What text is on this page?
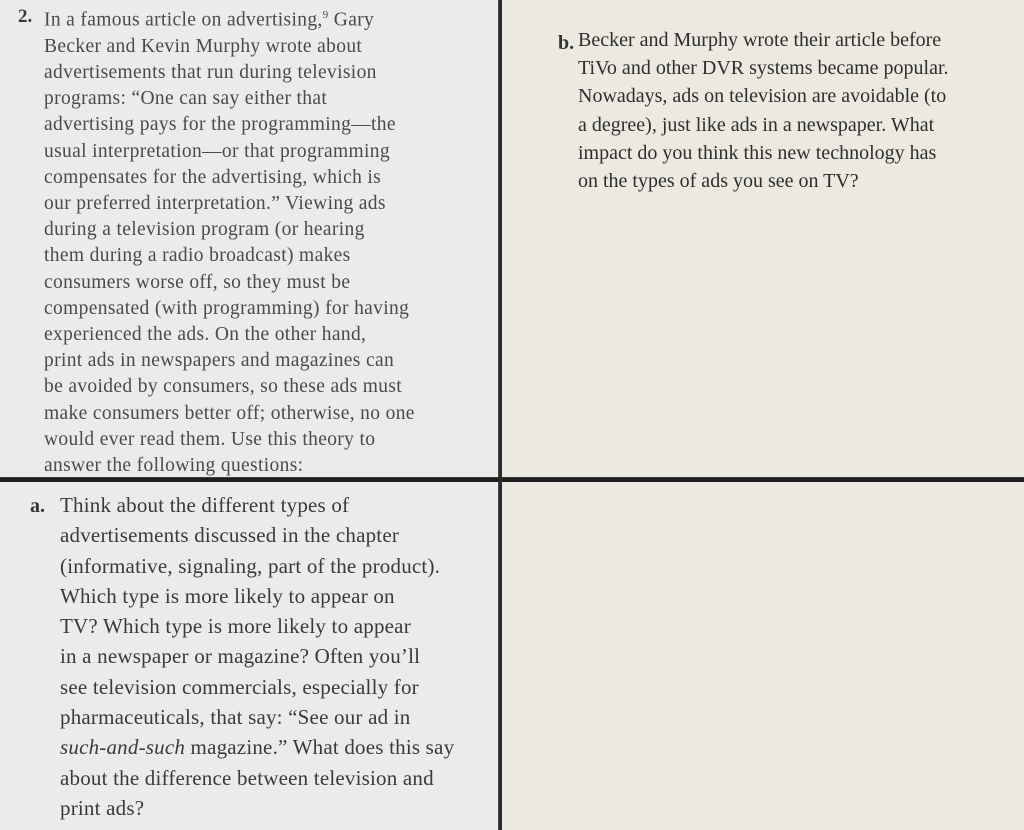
2. In a famous article on advertising,$^9$ Gary
Becker and Kevin Murphy wrote about
advertisements that run during television
programs: “One can say either that
advertising pays for the programming—the
usual interpretation—or that programming
compensates for the advertising, which is
our preferred interpretation.” Viewing ads
during a television program (or hearing
them during a radio broadcast) makes
consumers worse off, so they must be
compensated (with programming) for having
experienced the ads. On the other hand,
print ads in newspapers and magazines can
be avoided by consumers, so these ads must
make consumers better off; otherwise, no one
would ever read them. Use this theory to
answer the following questions:

b. Becker and Murphy wrote their article before
TiVo and other DVR systems became popular.
Nowadays, ads on television are avoidable (to
a degree), just like ads in a newspaper. What
impact do you think this new technology has
on the types of ads you see on TV?

a. Think about the different types of
advertisements discussed in the chapter
(informative, signaling, part of the product).
Which type is more likely to appear on
TV? Which type is more likely to appear
in a newspaper or magazine? Often you’ll
see television commercials, especially for
pharmaceuticals, that say: “See our ad in
such-and-such magazine.” What does this say
about the difference between television and
print ads?
